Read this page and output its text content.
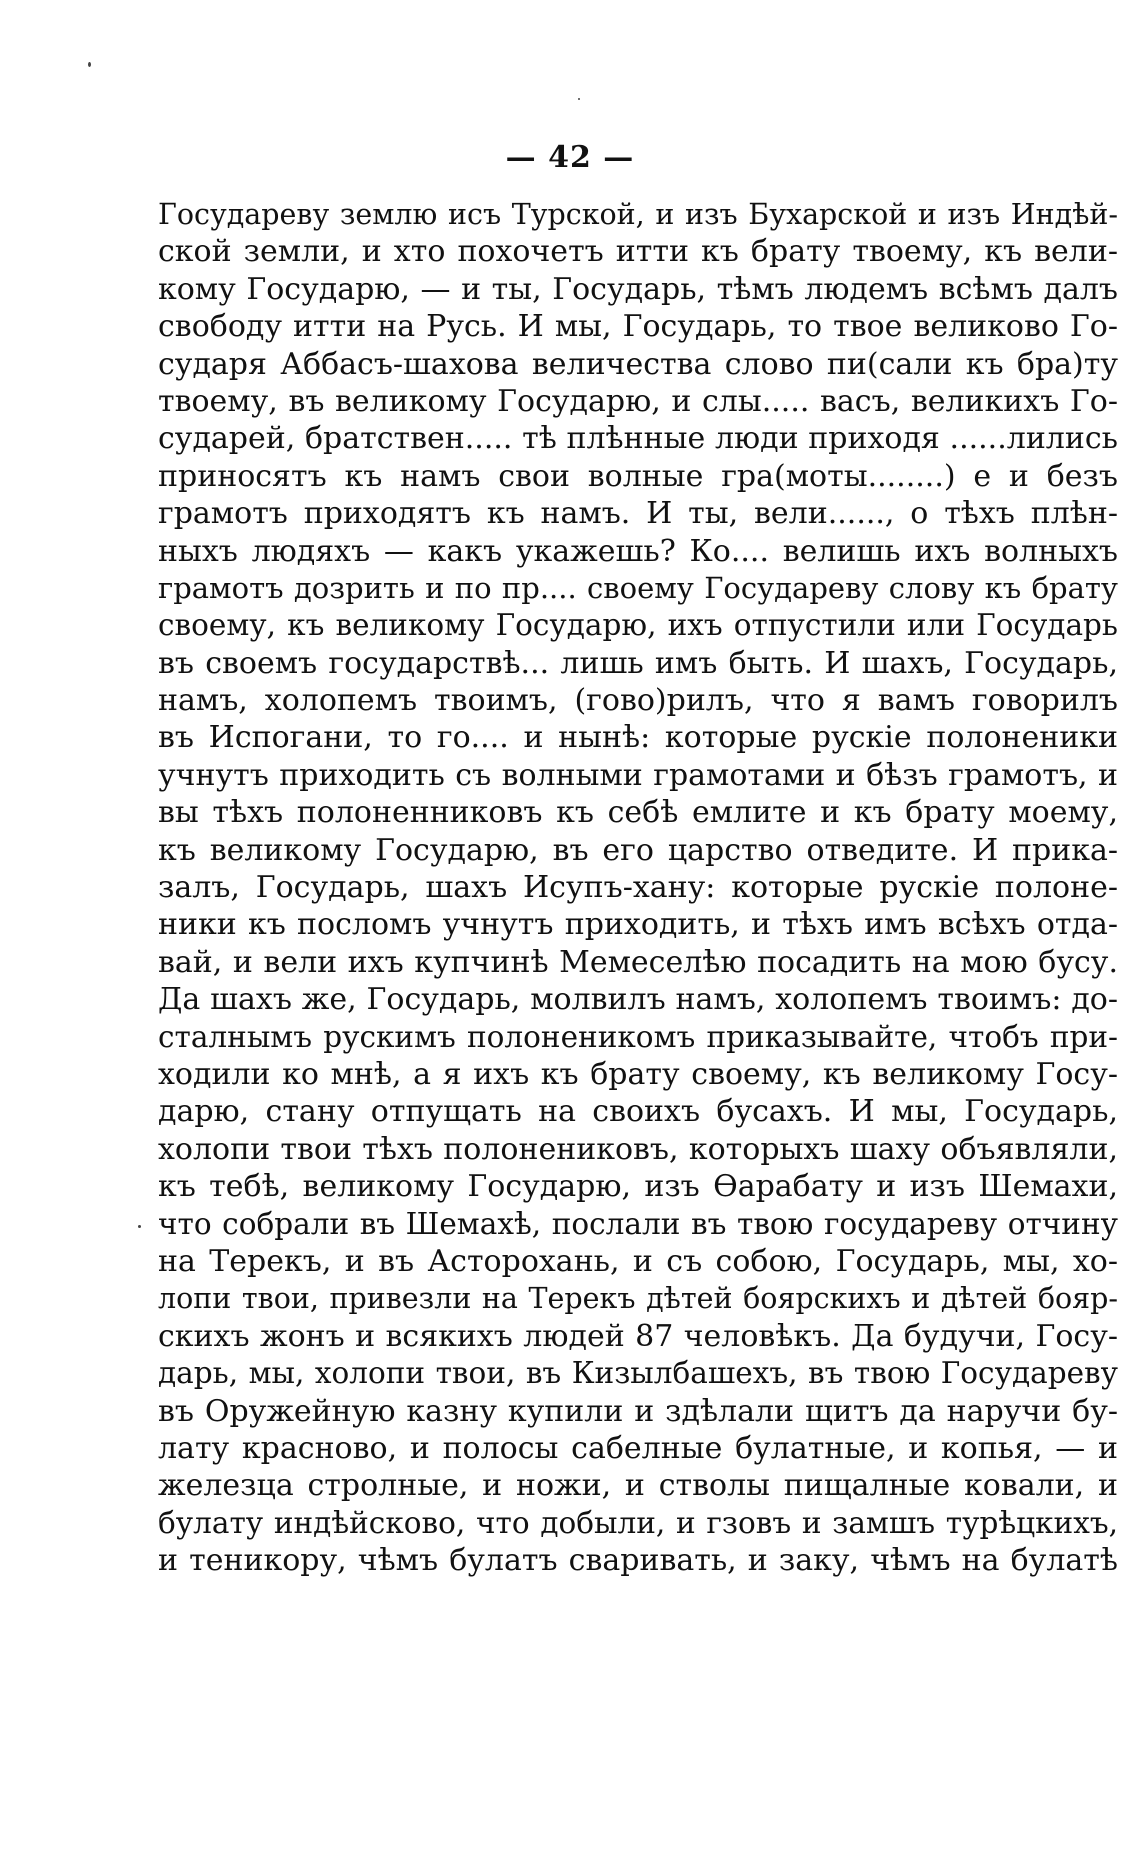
— 42 —
Государеву землю исъ Турской, и изъ Бухарской и изъ Индѣй-
ской земли, и хто похочетъ итти къ брату твоему, къ вели-
кому Государю, — и ты, Государь, тѣмъ людемъ всѣмъ далъ
свободу итти на Русь. И мы, Государь, то твое великово Го-
сударя Аббасъ-шахова величества слово пи(сали къ бра)ту
твоему, въ великому Государю, и слы..... васъ, великихъ Го-
сударей, братствен..... тѣ плѣнные люди приходя ......лились
приносятъ къ намъ свои волные гра(моты........) е и безъ
грамотъ приходятъ къ намъ. И ты, вели......, о тѣхъ плѣн-
ныхъ людяхъ — какъ укажешь? Ко.... велишь ихъ волныхъ
грамотъ дозрить и по пр.... своему Государеву слову къ брату
своему, къ великому Государю, ихъ отпустили или Государь
въ своемъ государствѣ... лишь имъ быть. И шахъ, Государь,
намъ, холопемъ твоимъ, (гово)рилъ, что я вамъ говорилъ
въ Испогани, то го.... и нынѣ: которые рускіе полоненики
учнутъ приходить съ волными грамотами и бѣзъ грамотъ, и
вы тѣхъ полоненниковъ къ себѣ емлите и къ брату моему,
къ великому Государю, въ его царство отведите. И прика-
залъ, Государь, шахъ Исупъ-хану: которые рускіе полоне-
ники къ посломъ учнутъ приходить, и тѣхъ имъ всѣхъ отда-
вай, и вели ихъ купчинѣ Мемеселѣю посадить на мою бусу.
Да шахъ же, Государь, молвилъ намъ, холопемъ твоимъ: до-
сталнымъ рускимъ полоненикомъ приказывайте, чтобъ при-
ходили ко мнѣ, а я ихъ къ брату своему, къ великому Госу-
дарю, стану отпущать на своихъ бусахъ. И мы, Государь,
холопи твои тѣхъ полонениковъ, которыхъ шаху объявляли,
къ тебѣ, великому Государю, изъ Ѳарабату и изъ Шемахи,
что собрали въ Шемахѣ, послали въ твою государеву отчину
на Терекъ, и въ Асторохань, и съ собою, Государь, мы, хо-
лопи твои, привезли на Терекъ дѣтей боярскихъ и дѣтей бояр-
скихъ жонъ и всякихъ людей 87 человѣкъ. Да будучи, Госу-
дарь, мы, холопи твои, въ Кизылбашехъ, въ твою Государеву
въ Оружейную казну купили и здѣлали щитъ да наручи бу-
лату красново, и полосы сабелные булатные, и копья, — и
железца стролные, и ножи, и стволы пищалные ковали, и
булату индѣйсково, что добыли, и гзовъ и замшъ турѣцкихъ,
и теникору, чѣмъ булатъ сваривать, и заку, чѣмъ на булатѣ
